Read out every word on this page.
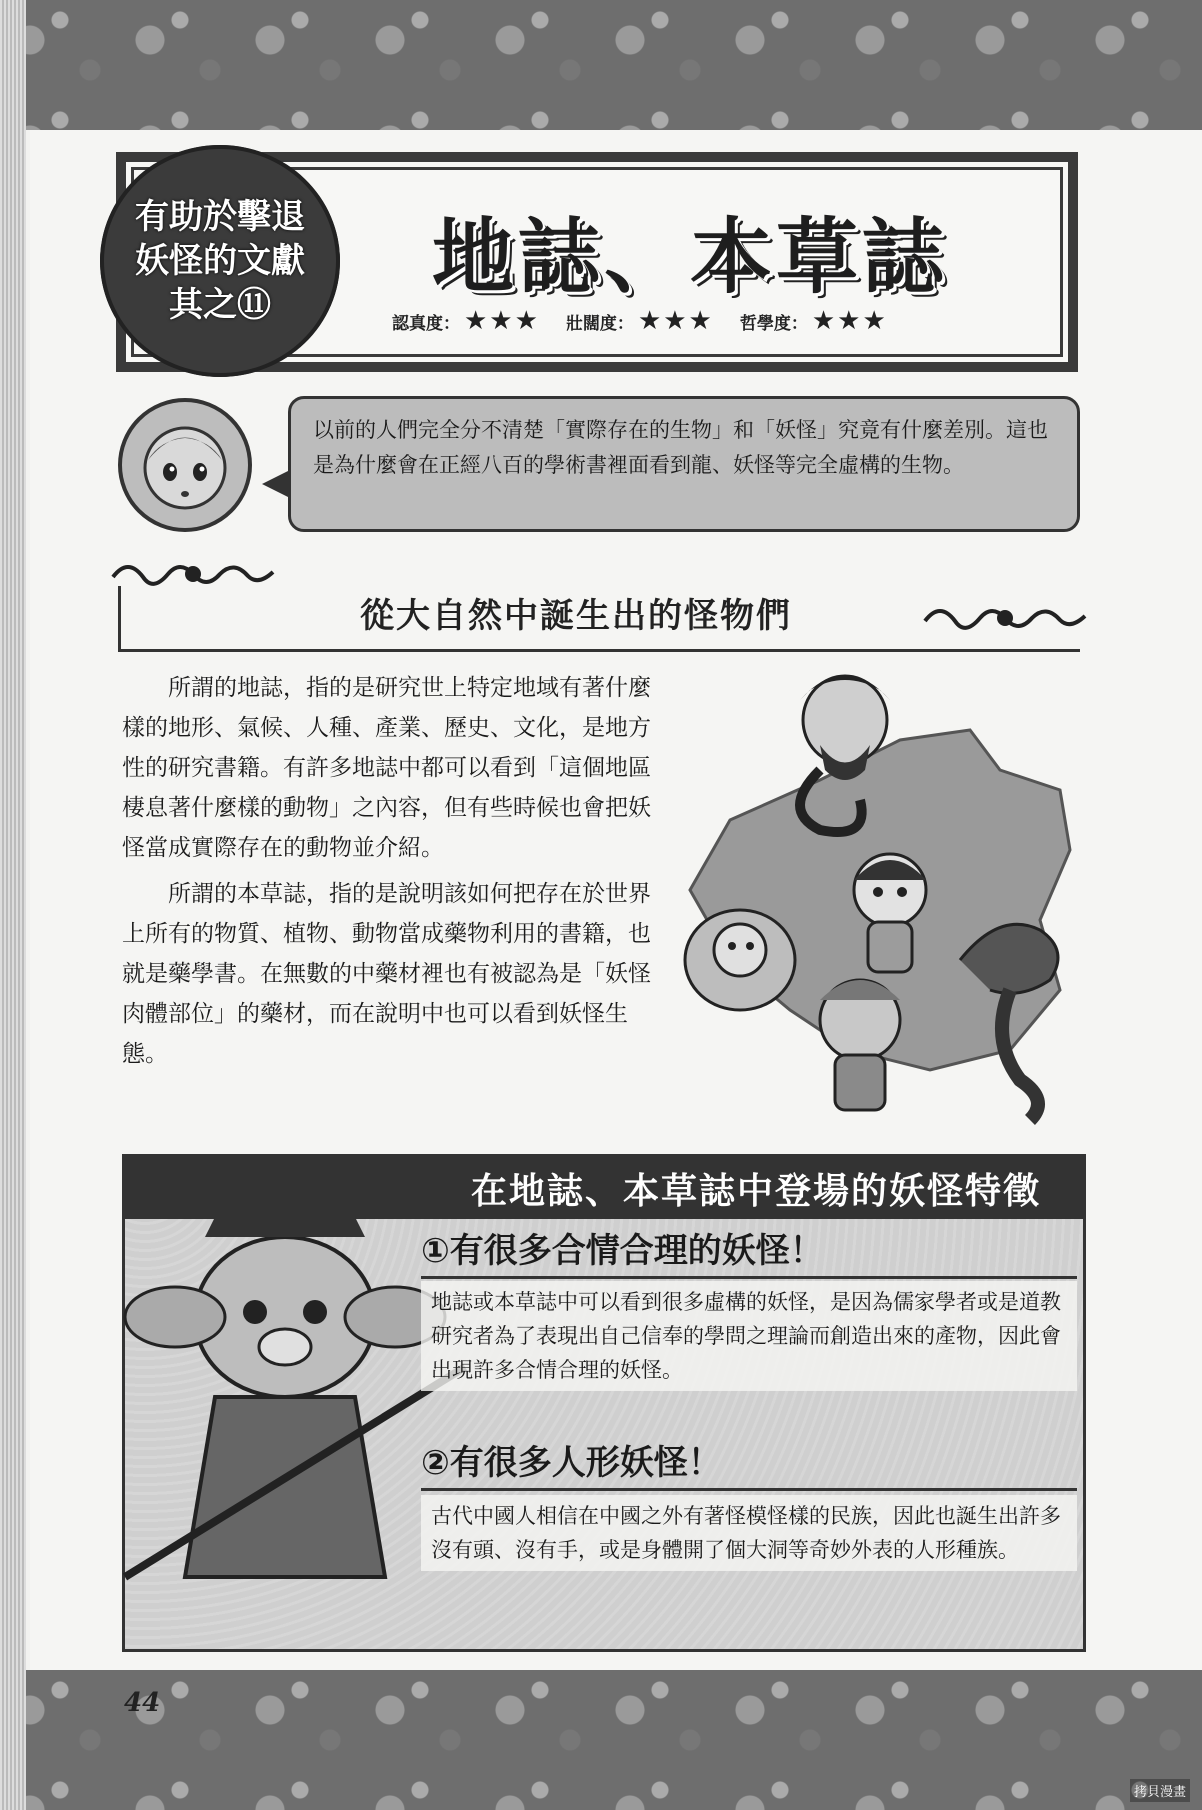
有助於擊退
妖怪的文獻
其之⑪ 地誌、本草誌
認真度： ★★★ 壯闊度： ★★★ 哲學度： ★★★
以前的人們完全分不清楚「實際存在的生物」和「妖怪」究竟有什麼差別。這也是為什麼會在正經八百的學術書裡面看到龍、妖怪等完全虛構的生物。
從大自然中誕生出的怪物們

所謂的地誌，指的是研究世上特定地域有著什麼樣的地形、氣候、人種、產業、歷史、文化，是地方性的研究書籍。有許多地誌中都可以看到「這個地區棲息著什麼樣的動物」之內容，但有些時候也會把妖怪當成實際存在的動物並介紹。

所謂的本草誌，指的是說明該如何把存在於世界上所有的物質、植物、動物當成藥物利用的書籍，也就是藥學書。在無數的中藥材裡也有被認為是「妖怪肉體部位」的藥材，而在說明中也可以看到妖怪生態。

在地誌、本草誌中登場的妖怪特徵
①有很多合情合理的妖怪！
地誌或本草誌中可以看到很多虛構的妖怪，是因為儒家學者或是道教研究者為了表現出自己信奉的學問之理論而創造出來的產物，因此會出現許多合情合理的妖怪。
②有很多人形妖怪！
古代中國人相信在中國之外有著怪模怪樣的民族，因此也誕生出許多沒有頭、沒有手，或是身體開了個大洞等奇妙外表的人形種族。
44
拷貝漫畫
